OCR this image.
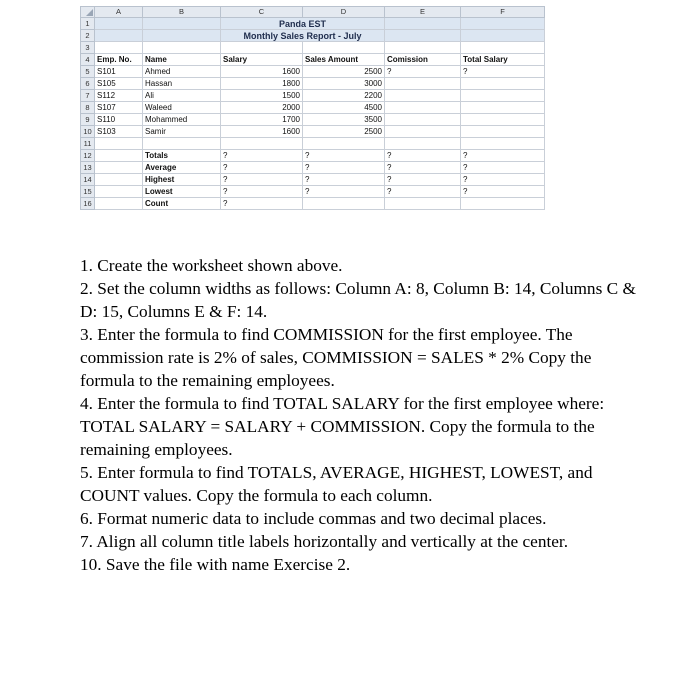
	A	B	C	D	E	F
1			Panda EST			
2			Monthly Sales Report - July			
3						
4	Emp. No.	Name	Salary	Sales Amount	Comission	Total Salary
5	S101	Ahmed	1600	2500	?	?
6	S105	Hassan	1800	3000		
7	S112	Ali	1500	2200		
8	S107	Waleed	2000	4500		
9	S110	Mohammed	1700	3500		
10	S103	Samir	1600	2500		
11						
12		Totals	?	?	?	?
13		Average	?	?	?	?
14		Highest	?	?	?	?
15		Lowest	?	?	?	?
16		Count	?			

1. Create the worksheet shown above.

2. Set the column widths as follows: Column A: 8, Column B: 14, Columns C & D: 15, Columns E & F: 14.

3. Enter the formula to find COMMISSION for the first employee. The commission rate is 2% of sales, COMMISSION = SALES * 2% Copy the formula to the remaining employees.

4. Enter the formula to find TOTAL SALARY for the first employee where: TOTAL SALARY = SALARY + COMMISSION. Copy the formula to the remaining employees.

5. Enter formula to find TOTALS, AVERAGE, HIGHEST, LOWEST, and COUNT values. Copy the formula to each column.

6. Format numeric data to include commas and two decimal places.

7. Align all column title labels horizontally and vertically at the center.

10. Save the file with name Exercise 2.
